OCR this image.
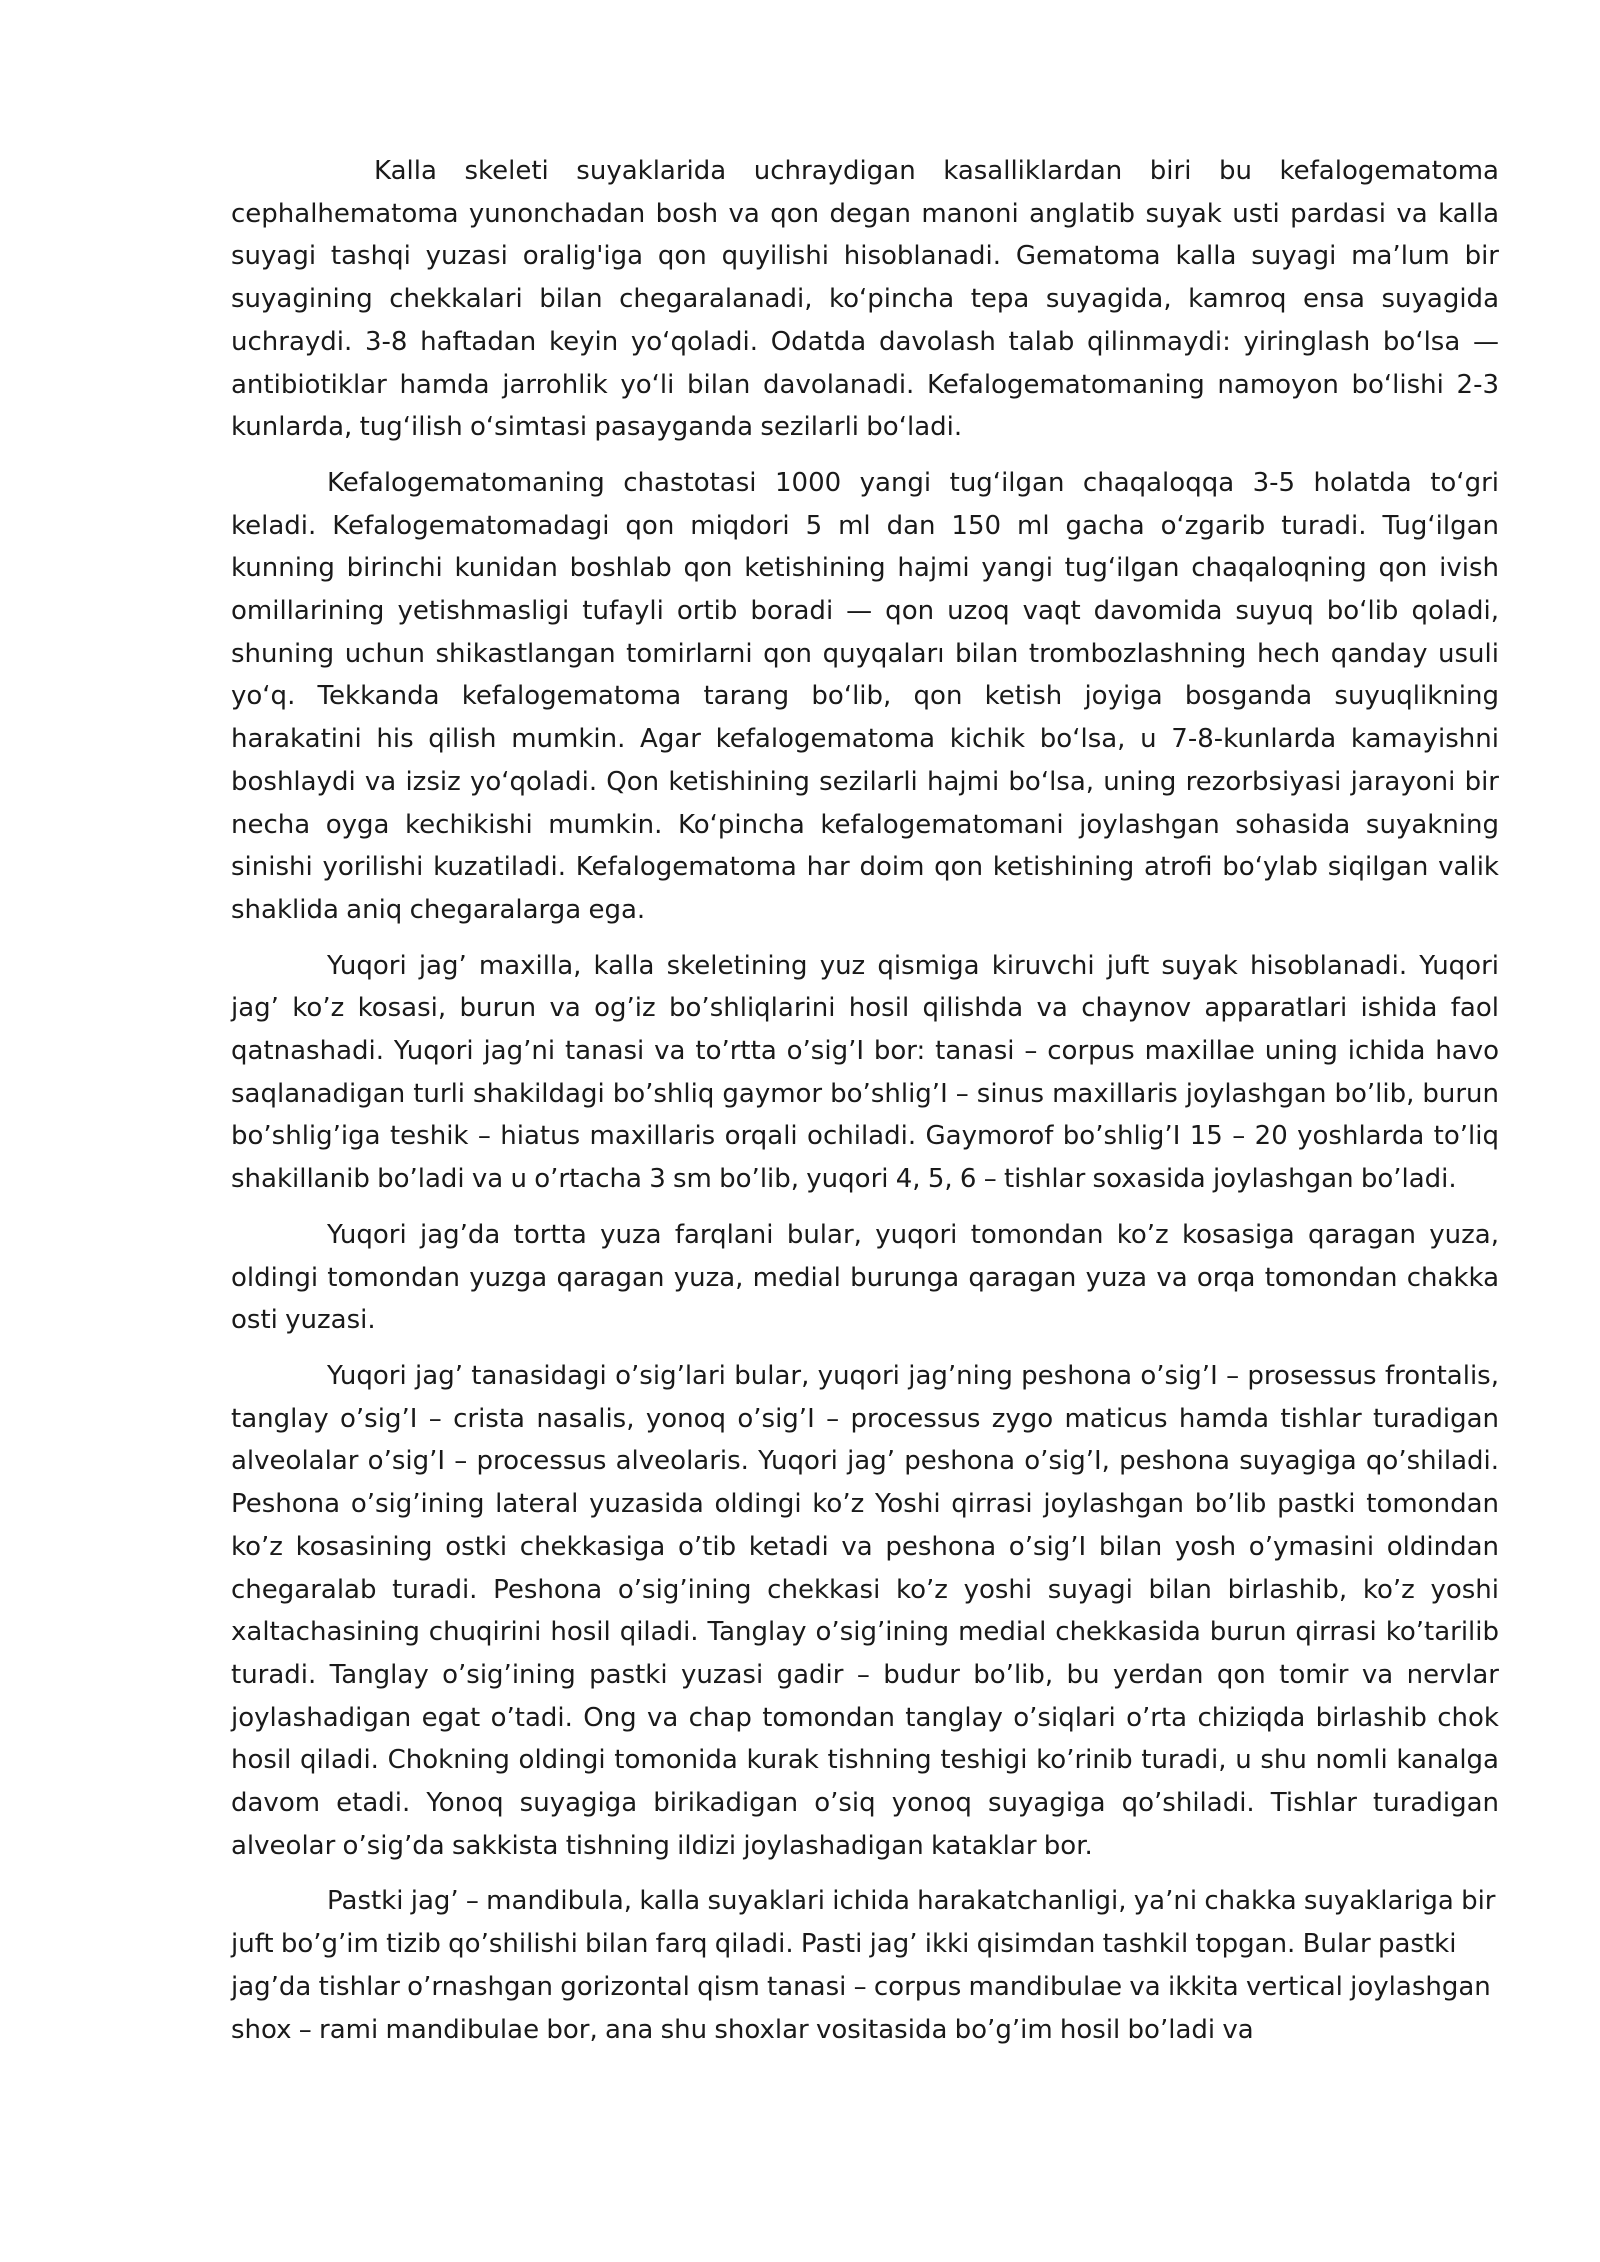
Kalla skeleti suyaklarida uchraydigan kasalliklardan biri bu kefalogematoma cephalhematoma yunonchadan bosh va qon degan manoni anglatib suyak usti pardasi va kalla suyagi tashqi yuzasi oralig'iga qon quyilishi hisoblanadi. Gematoma kalla suyagi ma’lum bir suyagining chekkalari bilan chegaralanadi, ko‘pincha tepa suyagida, kamroq ensa suyagida uchraydi. 3-8 haftadan keyin yo‘qoladi. Odatda davolash talab qilinmaydi: yiringlash bo‘lsa — antibiotiklar hamda jarrohlik yo‘li bilan davolanadi. Kefalogematomaning namoyon bo‘lishi 2-3 kunlarda, tug‘ilish o‘simtasi pasayganda sezilarli bo‘ladi.

Kefalogematomaning chastotasi 1000 yangi tug‘ilgan chaqaloqqa 3-5 holatda to‘gri keladi. Kefalogematomadagi qon miqdori 5 ml dan 150 ml gacha o‘zgarib turadi. Tug‘ilgan kunning birinchi kunidan boshlab qon ketishining hajmi yangi tug‘ilgan chaqaloqning qon ivish omillarining yetishmasligi tufayli ortib boradi — qon uzoq vaqt davomida suyuq bo‘lib qoladi, shuning uchun shikastlangan tomirlarni qon quyqaları bilan trombozlashning hech qanday usuli yo‘q. Tekkanda kefalogematoma tarang bo‘lib, qon ketish joyiga bosganda suyuqlikning harakatini his qilish mumkin. Agar kefalogematoma kichik bo‘lsa, u 7-8-kunlarda kamayishni boshlaydi va izsiz yo‘qoladi. Qon ketishining sezilarli hajmi bo‘lsa, uning rezorbsiyasi jarayoni bir necha oyga kechikishi mumkin. Ko‘pincha kefalogematomani joylashgan sohasida suyakning sinishi yorilishi kuzatiladi. Kefalogematoma har doim qon ketishining atrofi bo‘ylab siqilgan valik shaklida aniq chegaralarga ega.

Yuqori jag’ maxilla, kalla skeletining yuz qismiga kiruvchi juft suyak hisoblanadi. Yuqori jag’ ko’z kosasi, burun va og’iz bo’shliqlarini hosil qilishda va chaynov apparatlari ishida faol qatnashadi. Yuqori jag’ni tanasi va to’rtta o’sig’I bor: tanasi – corpus maxillae uning ichida havo saqlanadigan turli shakildagi bo’shliq gaymor bo’shlig’I – sinus maxillaris joylashgan bo’lib, burun bo’shlig’iga teshik – hiatus maxillaris orqali ochiladi. Gaymorof bo’shlig’I 15 – 20 yoshlarda to’liq shakillanib bo’ladi va u o’rtacha 3 sm bo’lib, yuqori 4, 5, 6 – tishlar soxasida joylashgan bo’ladi.

Yuqori jag’da tortta yuza farqlani bular, yuqori tomondan ko’z kosasiga qaragan yuza, oldingi tomondan yuzga qaragan yuza, medial burunga qaragan yuza va orqa tomondan chakka osti yuzasi.

Yuqori jag’ tanasidagi o’sig’lari bular, yuqori jag’ning peshona o’sig’I – prosessus frontalis, tanglay o’sig’I – crista nasalis, yonoq o’sig’I – processus zygo maticus hamda tishlar turadigan alveolalar o’sig’I – processus alveolaris. Yuqori jag’ peshona o’sig’I, peshona suyagiga qo’shiladi. Peshona o’sig’ining lateral yuzasida oldingi ko’z Yoshi qirrasi joylashgan bo’lib pastki tomondan ko’z kosasining ostki chekkasiga o’tib ketadi va peshona o’sig’I bilan yosh o’ymasini oldindan chegaralab turadi. Peshona o’sig’ining chekkasi ko’z yoshi suyagi bilan birlashib, ko’z yoshi xaltachasining chuqirini hosil qiladi. Tanglay o’sig’ining medial chekkasida burun qirrasi ko’tarilib turadi. Tanglay o’sig’ining pastki yuzasi gadir – budur bo’lib, bu yerdan qon tomir va nervlar joylashadigan egat o’tadi. Ong va chap tomondan tanglay o’siqlari o’rta chiziqda birlashib chok hosil qiladi. Chokning oldingi tomonida kurak tishning teshigi ko’rinib turadi, u shu nomli kanalga davom etadi. Yonoq suyagiga birikadigan o’siq yonoq suyagiga qo’shiladi. Tishlar turadigan alveolar o’sig’da sakkista tishning ildizi joylashadigan kataklar bor.

Pastki jag’ – mandibula, kalla suyaklari ichida harakatchanligi, ya’ni chakka suyaklariga bir juft bo’g’im tizib qo’shilishi bilan farq qiladi. Pasti jag’ ikki qisimdan tashkil topgan. Bular pastki jag’da tishlar o’rnashgan gorizontal qism tanasi – corpus mandibulae va ikkita vertical joylashgan shox – rami mandibulae bor, ana shu shoxlar vositasida bo’g’im hosil bo’ladi va
